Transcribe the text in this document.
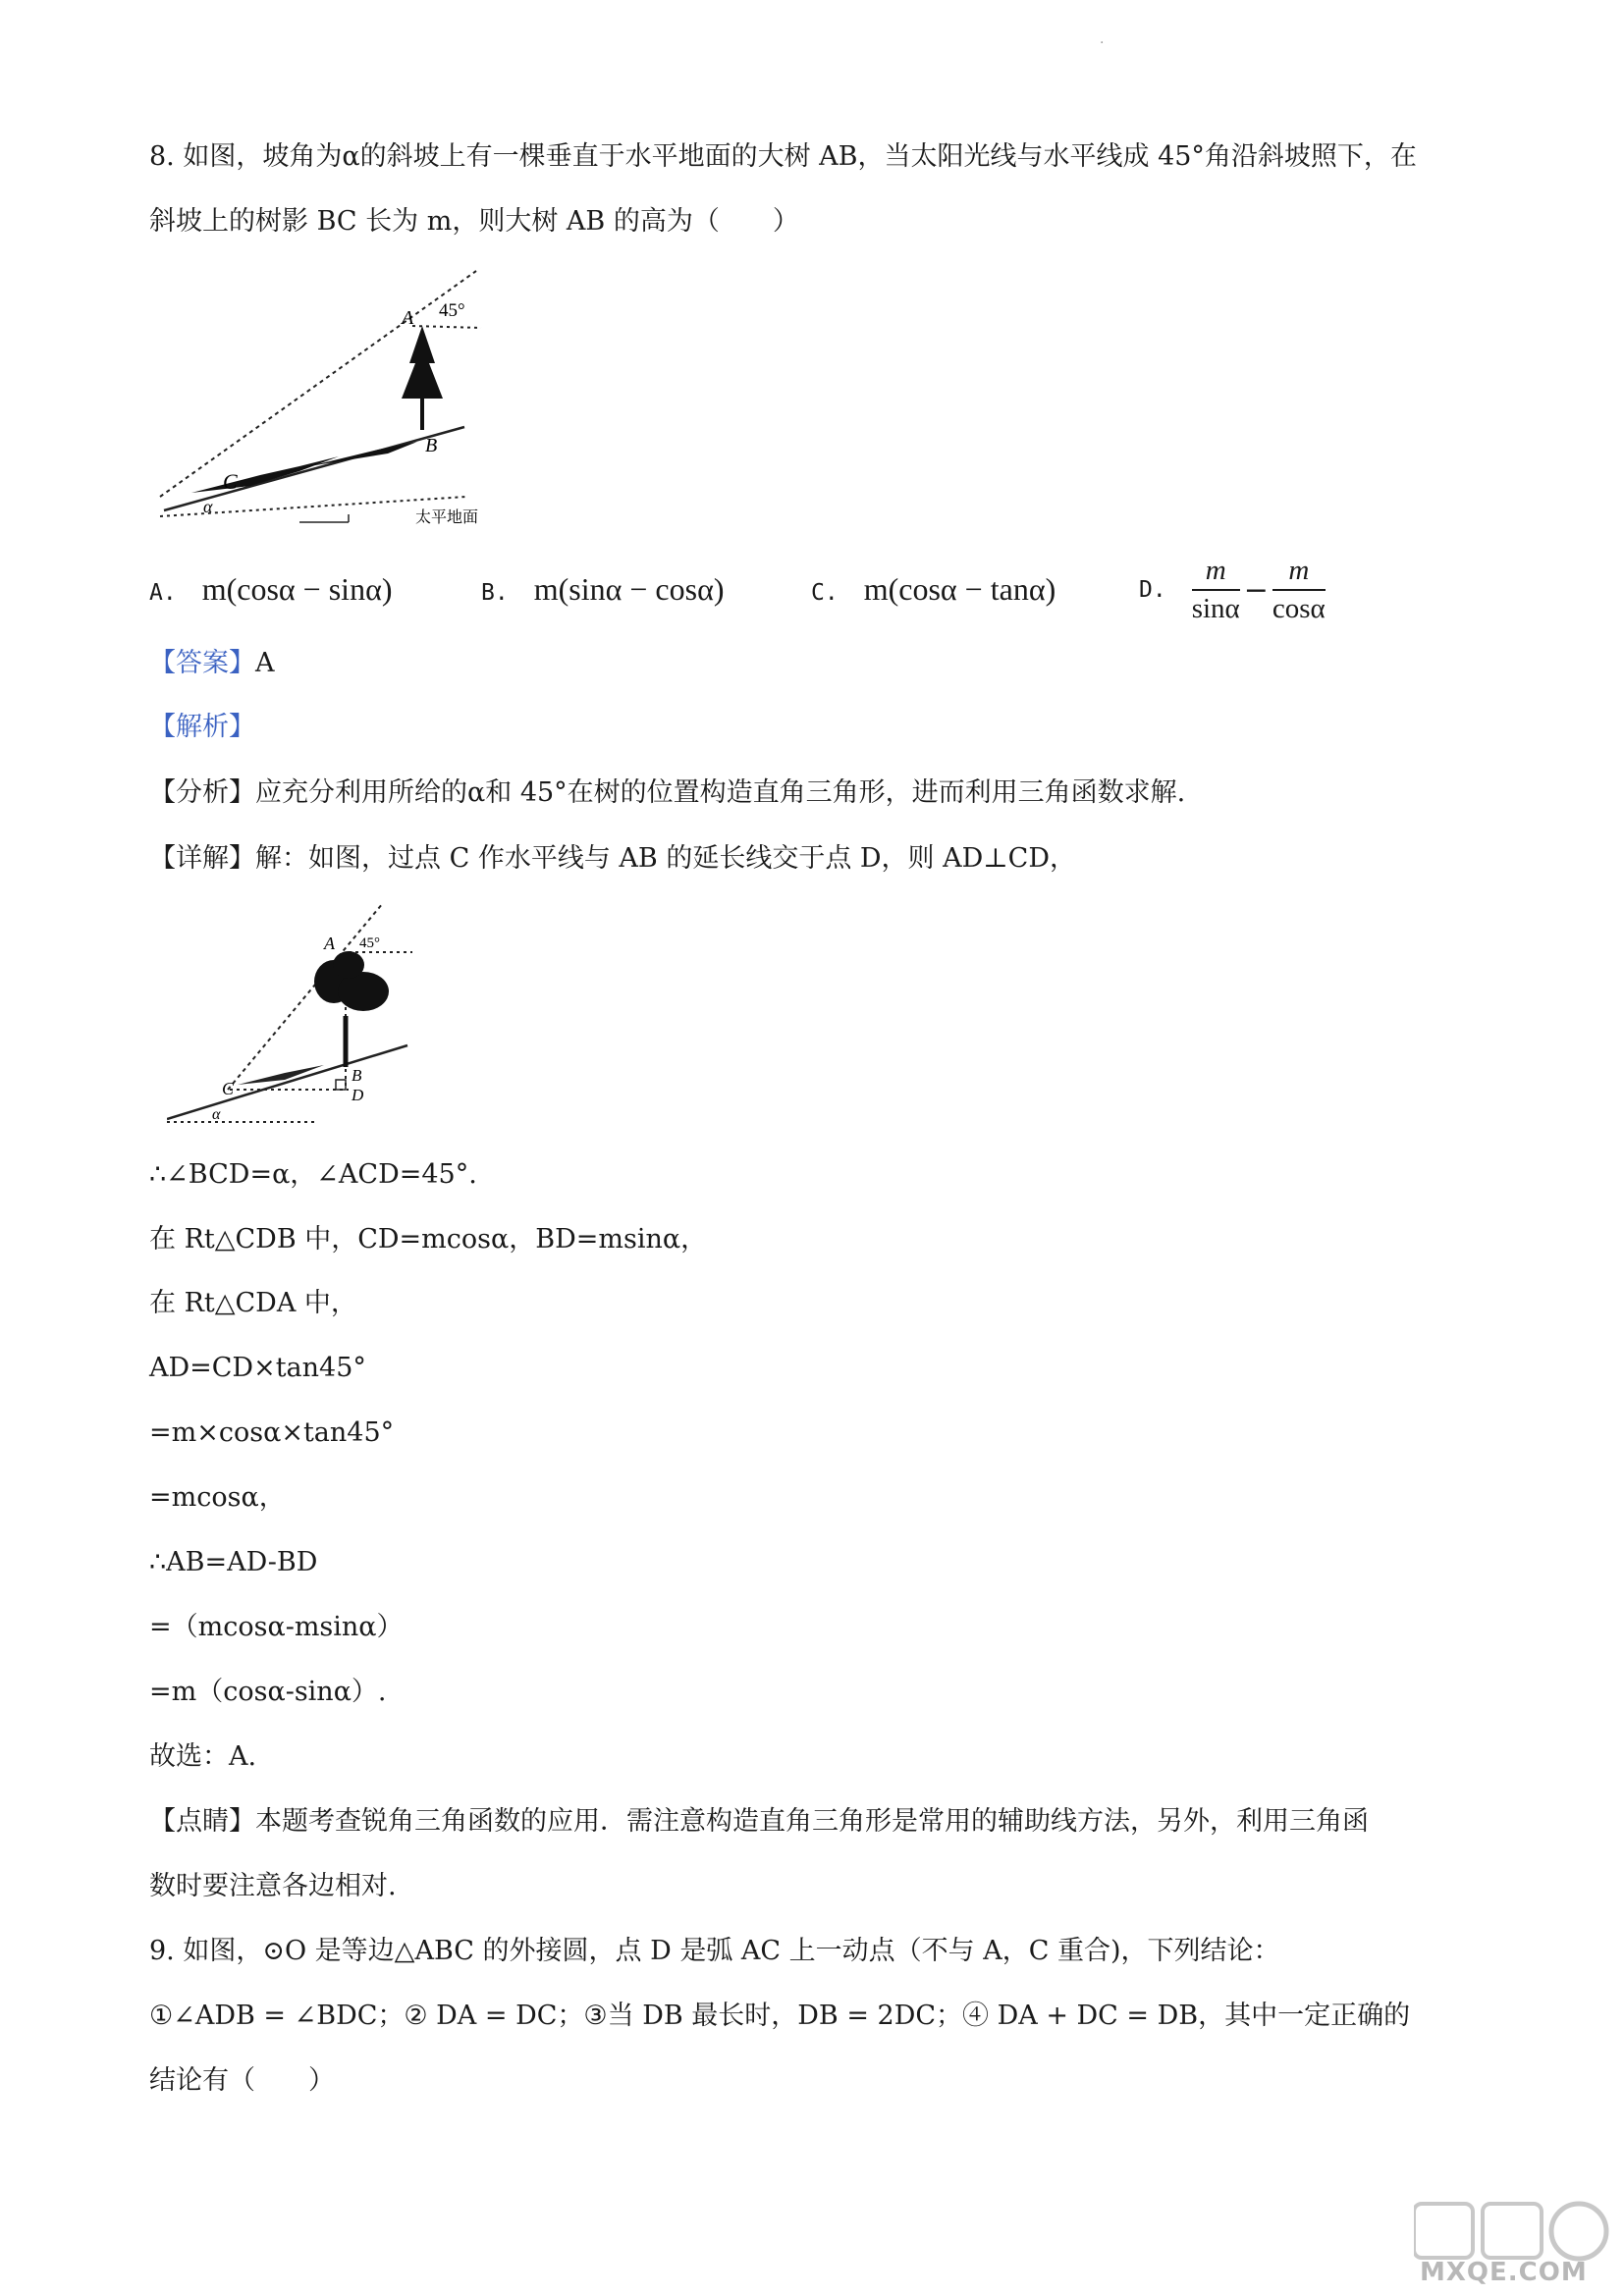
·
8. 如图，坡角为α的斜坡上有一棵垂直于水平地面的大树 AB，当太阳光线与水平线成 45°角沿斜坡照下，在
斜坡上的树影 BC 长为 m，则大树 AB 的高为（　　）
A
B
C
α
45°
太平地面
A. m(cosα − sinα)	B. m(sinα − cosα)	C. m(cosα − tanα)	D. $\frac{m}{\sin\alpha} - \frac{m}{\cos\alpha}$
【答案】A
【解析】
【分析】应充分利用所给的α和 45°在树的位置构造直角三角形，进而利用三角函数求解.
【详解】解：如图，过点 C 作水平线与 AB 的延长线交于点 D，则 AD⊥CD，
A
B
C	D
α
45°
∴∠BCD=α，∠ACD=45°.
在 Rt△CDB 中，CD=mcosα，BD=msinα，
在 Rt△CDA 中，
AD=CD×tan45°
=m×cosα×tan45°
=mcosα，
∴AB=AD-BD
=（mcosα-msinα）
=m（cosα-sinα）.
故选：A.
【点睛】本题考查锐角三角函数的应用．需注意构造直角三角形是常用的辅助线方法，另外，利用三角函
数时要注意各边相对.
9. 如图，⊙O 是等边△ABC 的外接圆，点 D 是弧 AC 上一动点（不与 A，C 重合)，下列结论：
①∠ADB = ∠BDC；② DA = DC；③当 DB 最长时，DB = 2DC；④ DA + DC = DB，其中一定正确的
结论有（　　）
MXQE.COM
